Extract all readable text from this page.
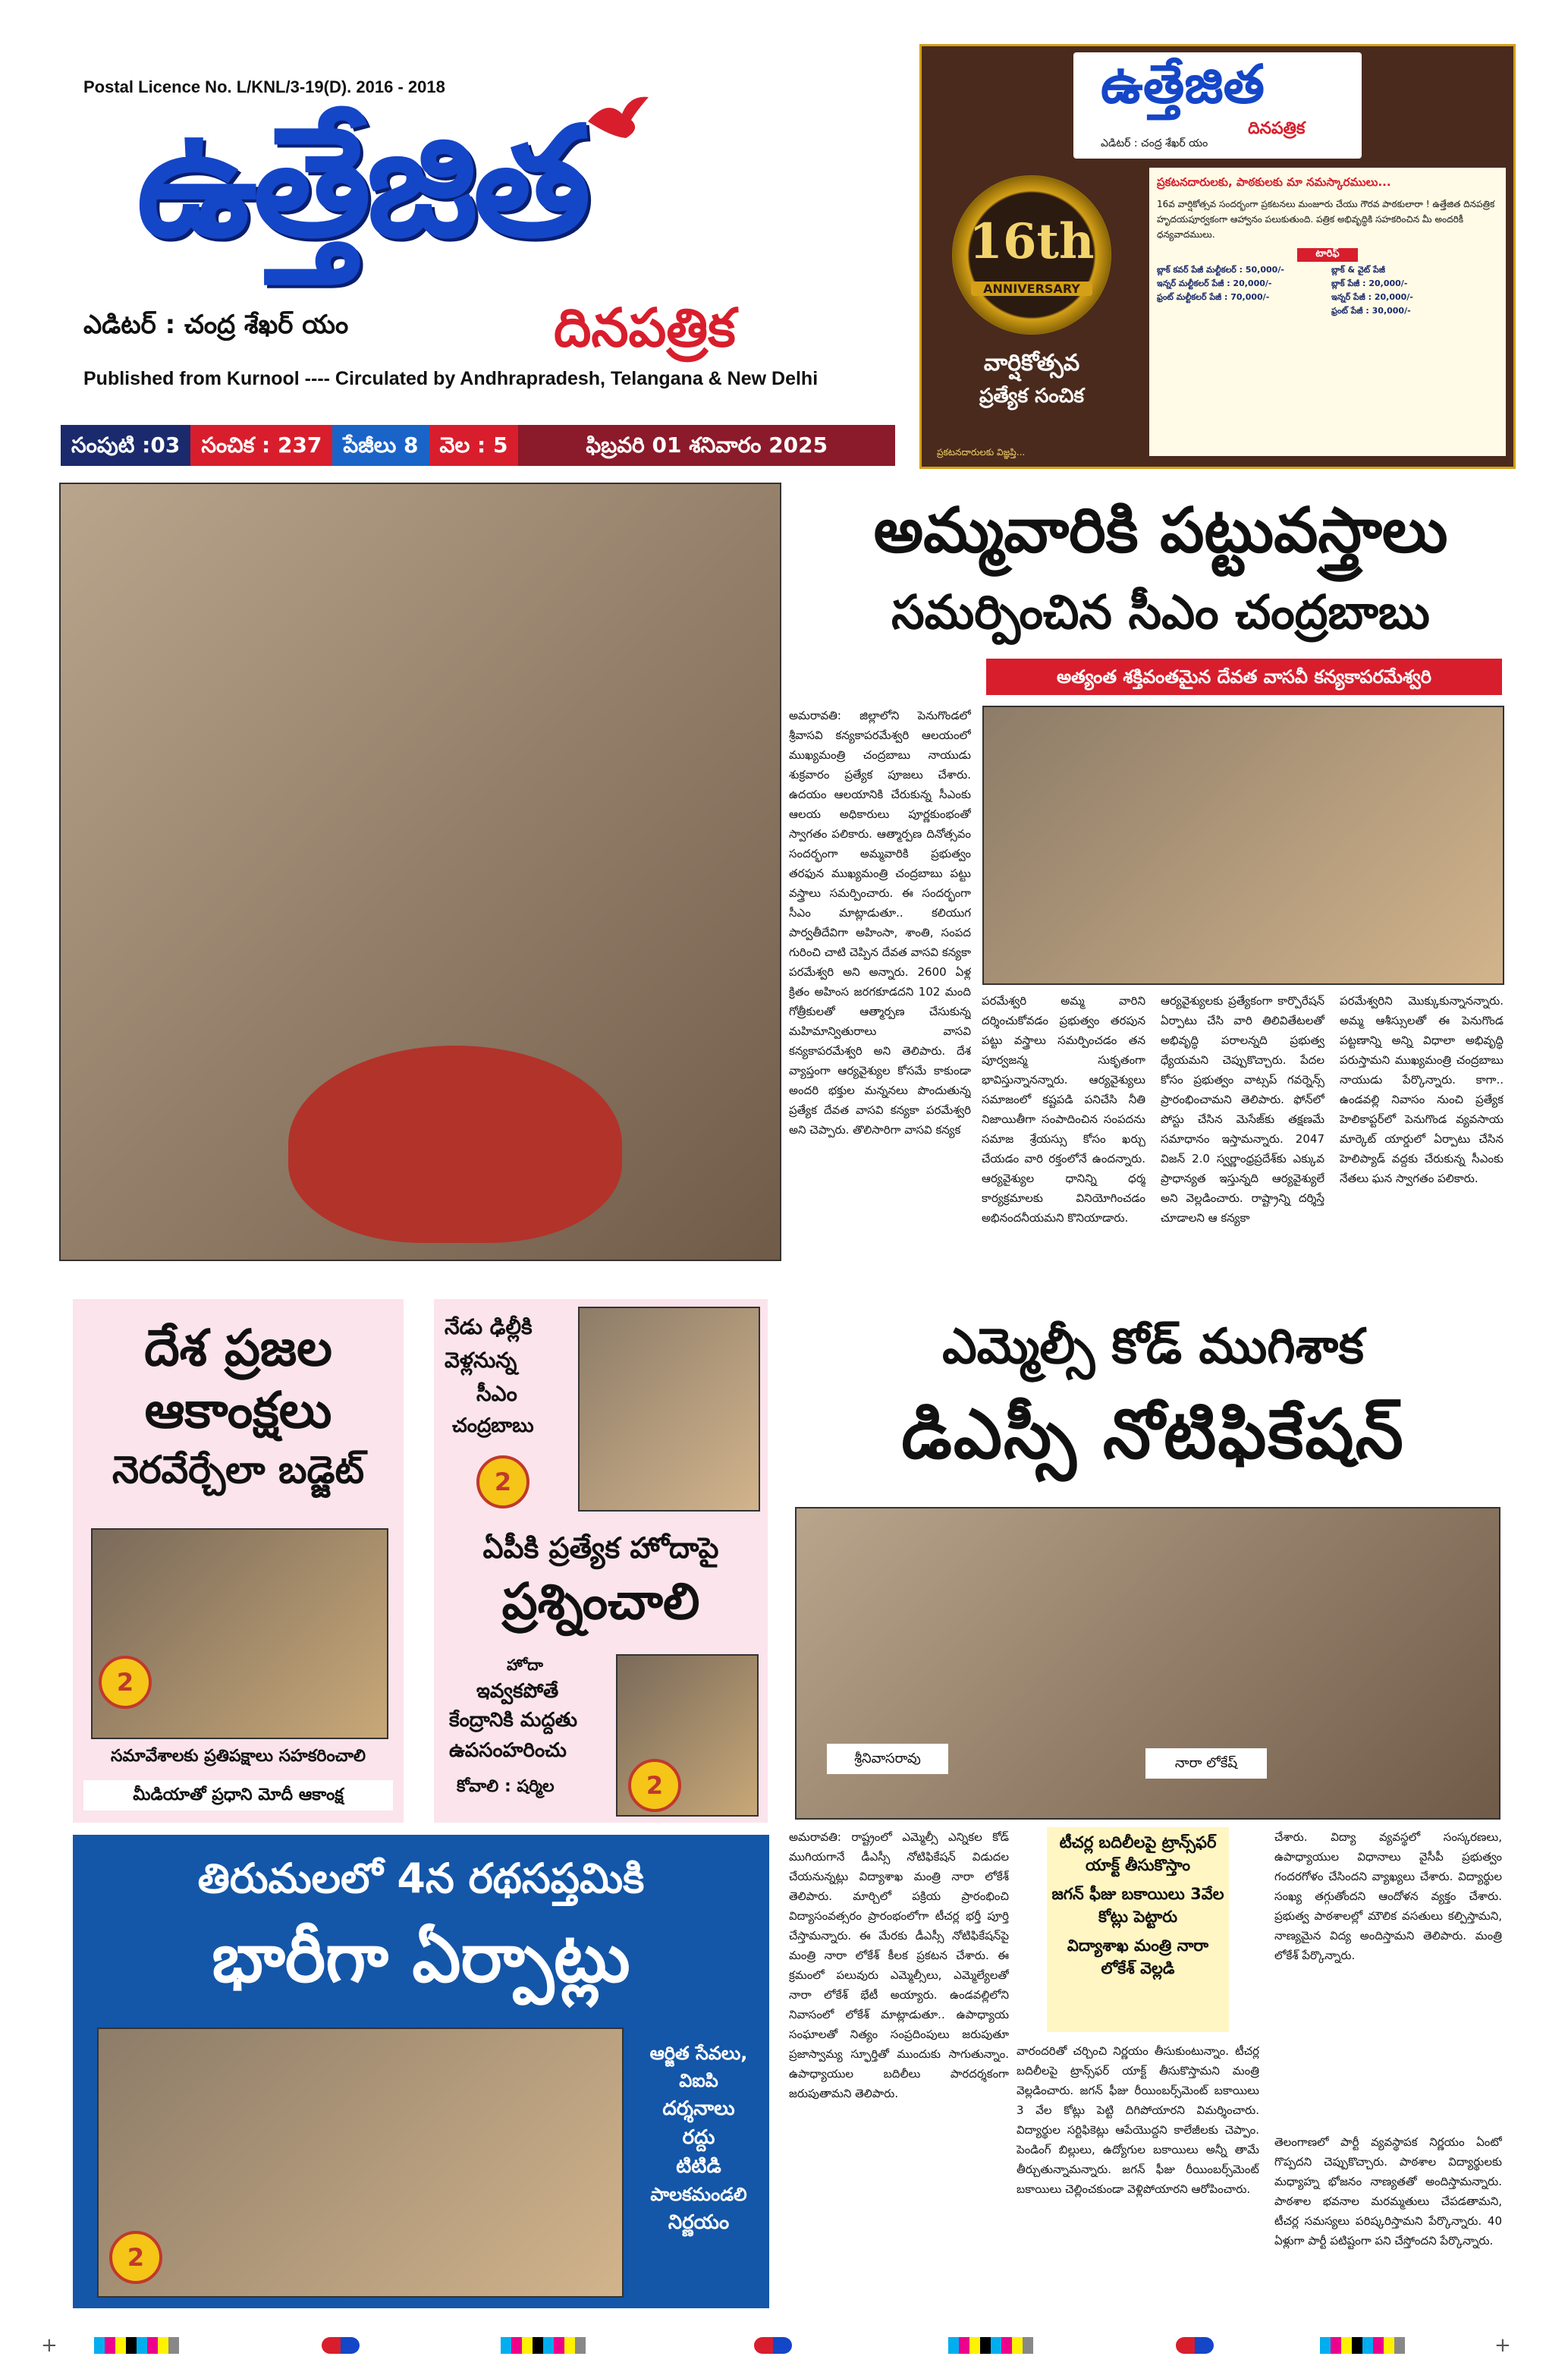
Postal Licence No. L/KNL/3-19(D). 2016 - 2018
ఉత్తేజిత
ఎడిటర్ : చంద్ర శేఖర్ యం	దినపత్రిక
Published from Kurnool ---- Circulated by Andhrapradesh, Telangana & New Delhi
సంపుటి :03	సంచిక : 237	పేజీలు 8	వెల : 5	ఫిబ్రవరి 01 శనివారం 2025
ఉత్తేజిత
దినపత్రిక
ఎడిటర్ : చంద్ర శేఖర్ యం
16th
ANNIVERSARY
వార్షికోత్సవ
ప్రత్యేక సంచిక
ప్రకటనదారులకు, పాఠకులకు మా నమస్కారములు...
16వ వార్షికోత్సవ సందర్భంగా ప్రకటనలు మంజూరు చేయు గౌరవ పాఠకులారా ! ఉత్తేజిత దినపత్రిక హృదయపూర్వకంగా ఆహ్వానం పలుకుతుంది. పత్రిక అభివృద్ధికి సహకరించిన మీ అందరికీ ధన్యవాదములు.
టారిఫ్
బ్లాక్ కవర్ పేజీ మల్టీకలర్ : 50,000/-	బ్లాక్ & వైట్ పేజీ
ఇన్నర్ మల్టీకలర్ పేజీ : 20,000/-	బ్లాక్ పేజీ : 20,000/-
ఫ్రంట్ మల్టీకలర్ పేజీ : 70,000/-	ఇన్నర్ పేజీ : 20,000/-
ఫ్రంట్ పేజీ : 30,000/-
ప్రకటనదారులకు విజ్ఞప్తి...
అమ్మవారికి పట్టువస్త్రాలు
సమర్పించిన సీఎం చంద్రబాబు
అత్యంత శక్తివంతమైన దేవత వాసవీ కన్యకాపరమేశ్వరి
అమరావతి: జిల్లాలోని పెనుగొండలో శ్రీవాసవి కన్యకాపరమేశ్వరి ఆలయంలో ముఖ్యమంత్రి చంద్రబాబు నాయుడు శుక్రవారం ప్రత్యేక పూజలు చేశారు. ఉదయం ఆలయానికి చేరుకున్న సీఎంకు ఆలయ అధికారులు పూర్ణకుంభంతో స్వాగతం పలికారు. ఆత్మార్పణ దినోత్సవం సందర్భంగా అమ్మవారికి ప్రభుత్వం తరఫున ముఖ్యమంత్రి చంద్రబాబు పట్టు వస్త్రాలు సమర్పించారు. ఈ సందర్భంగా సీఎం మాట్లాడుతూ.. కలియుగ పార్వతీదేవిగా అహింసా, శాంతి, సంపద గురించి చాటి చెప్పిన దేవత వాసవి కన్యకా పరమేశ్వరి అని అన్నారు. 2600 ఏళ్ల క్రితం అహింస జరగకూడదని 102 మంది గోత్రీకులతో ఆత్మార్పణ చేసుకున్న మహిమాన్వితురాలు వాసవి కన్యకాపరమేశ్వరి అని తెలిపారు. దేశ వ్యాప్తంగా ఆర్యవైశ్యుల కోసమే కాకుండా అందరి భక్తుల మన్ననలు పొందుతున్న ప్రత్యేక దేవత వాసవి కన్యకా పరమేశ్వరి అని చెప్పారు. తొలిసారిగా వాసవి కన్యక
పరమేశ్వరి అమ్మ వారిని దర్శించుకోవడం ప్రభుత్వం తరపున పట్టు వస్త్రాలు సమర్పించడం తన పూర్వజన్మ సుకృతంగా భావిస్తున్నానన్నారు. ఆర్యవైశ్యులు సమాజంలో కష్టపడి పనిచేసి నీతి నిజాయితీగా సంపాదించిన సంపదను సమాజ శ్రేయస్సు కోసం ఖర్చు చేయడం వారి రక్తంలోనే ఉందన్నారు. ఆర్యవైశ్యుల ధానిన్ని ధర్మ కార్యక్రమాలకు వినియోగించడం అభినందనీయమని కొనియాడారు.
ఆర్యవైశ్యులకు ప్రత్యేకంగా కార్పొరేషన్ ఏర్పాటు చేసి వారి తిలివితేటలతో అభివృద్ధి పరాలన్నది ప్రభుత్వ ధ్యేయమని చెప్పుకొచ్చారు. పేదల కోసం ప్రభుత్వం వాట్సప్ గవర్నెన్స్ ప్రారంభించామని తెలిపారు. ఫోన్‌లో పోస్టు చేసిన మెసేజ్‌కు తక్షణమే సమాధానం ఇస్తామన్నారు. 2047 విజన్ 2.0 స్వర్ణాంధ్రప్రదేశ్‌కు ఎక్కువ ప్రాధాన్యత ఇస్తున్నది ఆర్యవైశ్యులే అని వెల్లడించారు. రాష్ట్రాన్ని దర్శిస్తే చూడాలని ఆ కన్యకా
పరమేశ్వరిని మొక్కుకున్నానన్నారు. అమ్మ ఆశీస్సులతో ఈ పెనుగొండ పట్టణాన్ని అన్ని విధాలా అభివృద్ధి పరుస్తామని ముఖ్యమంత్రి చంద్రబాబు నాయుడు పేర్కొన్నారు. కాగా.. ఉండవల్లి నివాసం నుంచి ప్రత్యేక హెలికాప్టర్‌లో పెనుగొండ వ్యవసాయ మార్కెట్ యార్డులో ఏర్పాటు చేసిన హెలిప్యాడ్ వద్దకు చేరుకున్న సీఎంకు నేతలు ఘన స్వాగతం పలికారు.
దేశ ప్రజల
ఆకాంక్షలు
నెరవేర్చేలా బడ్జెట్
2
సమావేశాలకు ప్రతిపక్షాలు సహకరించాలి
మీడియాతో ప్రధాని మోదీ ఆకాంక్ష
నేడు ఢిల్లీకి
వెళ్లనున్న
సీఎం
చంద్రబాబు
2
ఏపీకి ప్రత్యేక హోదాపై
ప్రశ్నించాలి
హోదా
ఇవ్వకపోతే
కేంద్రానికి మద్దతు
ఉపసంహరించు
కోవాలి : షర్మిల	2
ఎమ్మెల్సీ కోడ్ ముగిశాక
డిఎస్సీ నోటిఫికేషన్
శ్రీనివాసరావు	నారా లోకేష్
అమరావతి: రాష్ట్రంలో ఎమ్మెల్సీ ఎన్నికల కోడ్ ముగియగానే డీఎస్సీ నోటిఫికేషన్ విడుదల చేయనున్నట్లు విద్యాశాఖ మంత్రి నారా లోకేశ్ తెలిపారు. మార్చిలో పక్రియ ప్రారంభించి విద్యాసంవత్సరం ప్రారంభంలోగా టీచర్ల భర్తీ పూర్తి చేస్తామన్నారు. ఈ మేరకు డీఎస్సీ నోటిఫికేషన్‌పై మంత్రి నారా లోకేశ్ కీలక ప్రకటన చేశారు. ఈ క్రమంలో పలువురు ఎమ్మెల్సీలు, ఎమ్మెల్యేలతో నారా లోకేశ్ భేటీ అయ్యారు. ఉండవల్లిలోని నివాసంలో లోకేశ్ మాట్లాడుతూ.. ఉపాధ్యాయ సంఘాలతో నిత్యం సంప్రదింపులు జరుపుతూ ప్రజాస్వామ్య స్ఫూర్తితో ముందుకు సాగుతున్నాం. ఉపాధ్యాయుల బదిలీలు పారదర్శకంగా జరుపుతామని తెలిపారు.
టీచర్ల బదిలీలపై ట్రాన్స్‌ఫర్ యాక్ట్ తీసుకొస్తాం
జగన్ ఫీజు బకాయిలు 3వేల కోట్లు పెట్టారు
విద్యాశాఖ మంత్రి నారా లోకేశ్ వెల్లడి
వారందరితో చర్చించి నిర్ణయం తీసుకుంటున్నాం. టీచర్ల బదిలీలపై ట్రాన్స్‌ఫర్ యాక్ట్ తీసుకొస్తామని మంత్రి వెల్లడించారు. జగన్ ఫీజు రీయింబర్స్‌మెంట్ బకాయిలు 3 వేల కోట్లు పెట్టి దిగిపోయారని విమర్శించారు. విద్యార్థుల సర్టిఫికెట్లు ఆపేయొద్దని కాలేజీలకు చెప్పాం. పెండింగ్ బిల్లులు, ఉద్యోగుల బకాయిలు అన్నీ తామే తీర్చుతున్నామన్నారు. జగన్ ఫీజు రీయింబర్స్‌మెంట్ బకాయిలు చెల్లించకుండా వెళ్లిపోయారని ఆరోపించారు.
చేశారు. విద్యా వ్యవస్థలో సంస్కరణలు, ఉపాధ్యాయుల విధానాలు వైసీపీ ప్రభుత్వం గందరగోళం చేసిందని వ్యాఖ్యలు చేశారు. విద్యార్థుల సంఖ్య తగ్గుతోందని ఆందోళన వ్యక్తం చేశారు. ప్రభుత్వ పాఠశాలల్లో మౌలిక వసతులు కల్పిస్తామని, నాణ్యమైన విద్య అందిస్తామని తెలిపారు. మంత్రి లోకేశ్ పేర్కొన్నారు.
తెలంగాణలో పార్టీ వ్యవస్థాపక నిర్ణయం ఏంటో గొప్పదని చెప్పుకొచ్చారు. పాఠశాల విద్యార్థులకు మధ్యాహ్న భోజనం నాణ్యతతో అందిస్తామన్నారు. పాఠశాల భవనాల మరమ్మతులు చేపడతామని, టీచర్ల సమస్యలు పరిష్కరిస్తామని పేర్కొన్నారు. 40 ఏళ్లుగా పార్టీ పటిష్టంగా పని చేస్తోందని పేర్కొన్నారు.
తిరుమలలో 4న రథసప్తమికి
భారీగా ఏర్పాట్లు
2
ఆర్జిత సేవలు,
విఐపి
దర్శనాలు
రద్దు
టిటిడి
పాలకమండలి
నిర్ణయం
+	+
